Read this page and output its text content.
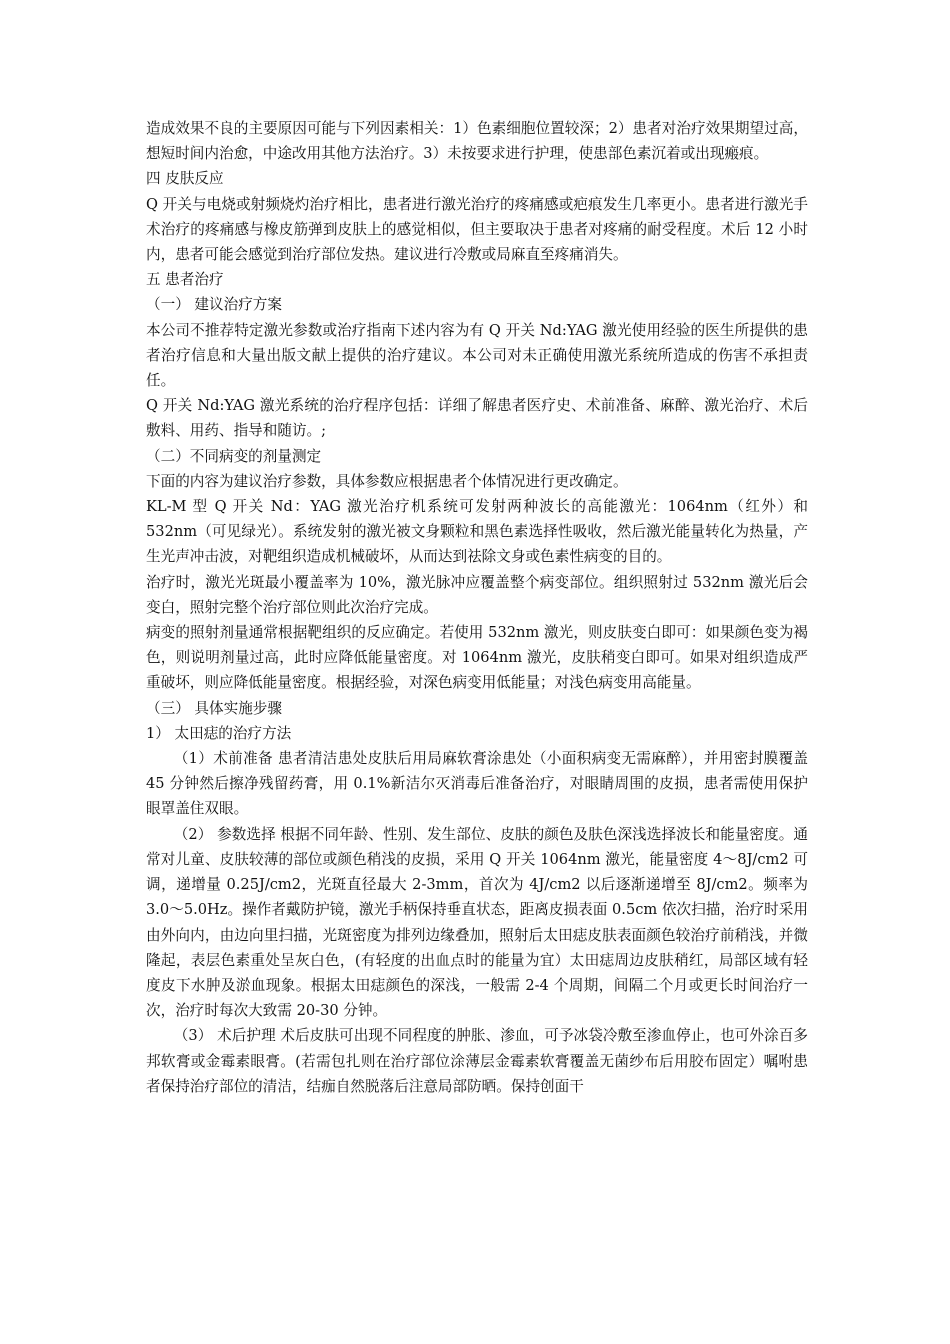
造成效果不良的主要原因可能与下列因素相关：1）色素细胞位置较深；2）患者对治疗效果期望过高，想短时间内治愈，中途改用其他方法治疗。3）未按要求进行护理，使患部色素沉着或出现瘢痕。

四 皮肤反应

Q 开关与电烧或射频烧灼治疗相比，患者进行激光治疗的疼痛感或疤痕发生几率更小。患者进行激光手术治疗的疼痛感与橡皮筋弹到皮肤上的感觉相似，但主要取决于患者对疼痛的耐受程度。术后 12 小时内，患者可能会感觉到治疗部位发热。建议进行冷敷或局麻直至疼痛消失。

五 患者治疗

（一） 建议治疗方案

本公司不推荐特定激光参数或治疗指南下述内容为有 Q 开关 Nd:YAG 激光使用经验的医生所提供的患者治疗信息和大量出版文献上提供的治疗建议。本公司对未正确使用激光系统所造成的伤害不承担责任。

Q 开关 Nd:YAG 激光系统的治疗程序包括：详细了解患者医疗史、术前准备、麻醉、激光治疗、术后敷料、用药、指导和随访。;

（二）不同病变的剂量测定

下面的内容为建议治疗参数，具体参数应根据患者个体情况进行更改确定。

KL-M 型 Q 开关 Nd：YAG 激光治疗机系统可发射两种波长的高能激光：1064nm（红外）和 532nm（可见绿光）。系统发射的激光被文身颗粒和黑色素选择性吸收，然后激光能量转化为热量，产生光声冲击波，对靶组织造成机械破坏，从而达到祛除文身或色素性病变的目的。

治疗时，激光光斑最小覆盖率为 10%，激光脉冲应覆盖整个病变部位。组织照射过 532nm 激光后会变白，照射完整个治疗部位则此次治疗完成。

病变的照射剂量通常根据靶组织的反应确定。若使用 532nm 激光，则皮肤变白即可：如果颜色变为褐色，则说明剂量过高，此时应降低能量密度。对 1064nm 激光，皮肤稍变白即可。如果对组织造成严重破坏，则应降低能量密度。根据经验，对深色病变用低能量；对浅色病变用高能量。

（三） 具体实施步骤

1） 太田痣的治疗方法

（1）术前准备 患者清洁患处皮肤后用局麻软膏涂患处（小面积病变无需麻醉），并用密封膜覆盖 45 分钟然后擦净残留药膏，用 0.1%新洁尔灭消毒后准备治疗，对眼睛周围的皮损，患者需使用保护眼罩盖住双眼。

（2） 参数选择 根据不同年龄、性别、发生部位、皮肤的颜色及肤色深浅选择波长和能量密度。通常对儿童、皮肤较薄的部位或颜色稍浅的皮损，采用 Q 开关 1064nm 激光，能量密度 4～8J/cm2 可调，递增量 0.25J/cm2，光斑直径最大 2-3mm，首次为 4J/cm2 以后逐渐递增至 8J/cm2。频率为 3.0～5.0Hz。操作者戴防护镜，激光手柄保持垂直状态，距离皮损表面 0.5cm 依次扫描，治疗时采用由外向内，由边向里扫描，光斑密度为排列边缘叠加，照射后太田痣皮肤表面颜色较治疗前稍浅，并微隆起，表层色素重处呈灰白色，(有轻度的出血点时的能量为宜）太田痣周边皮肤稍红，局部区域有轻度皮下水肿及淤血现象。根据太田痣颜色的深浅，一般需 2-4 个周期，间隔二个月或更长时间治疗一次，治疗时每次大致需 20-30 分钟。

（3） 术后护理 术后皮肤可出现不同程度的肿胀、渗血，可予冰袋冷敷至渗血停止，也可外涂百多邦软膏或金霉素眼膏。(若需包扎则在治疗部位涂薄层金霉素软膏覆盖无菌纱布后用胶布固定）嘱咐患者保持治疗部位的清洁，结痂自然脱落后注意局部防晒。保持创面干
